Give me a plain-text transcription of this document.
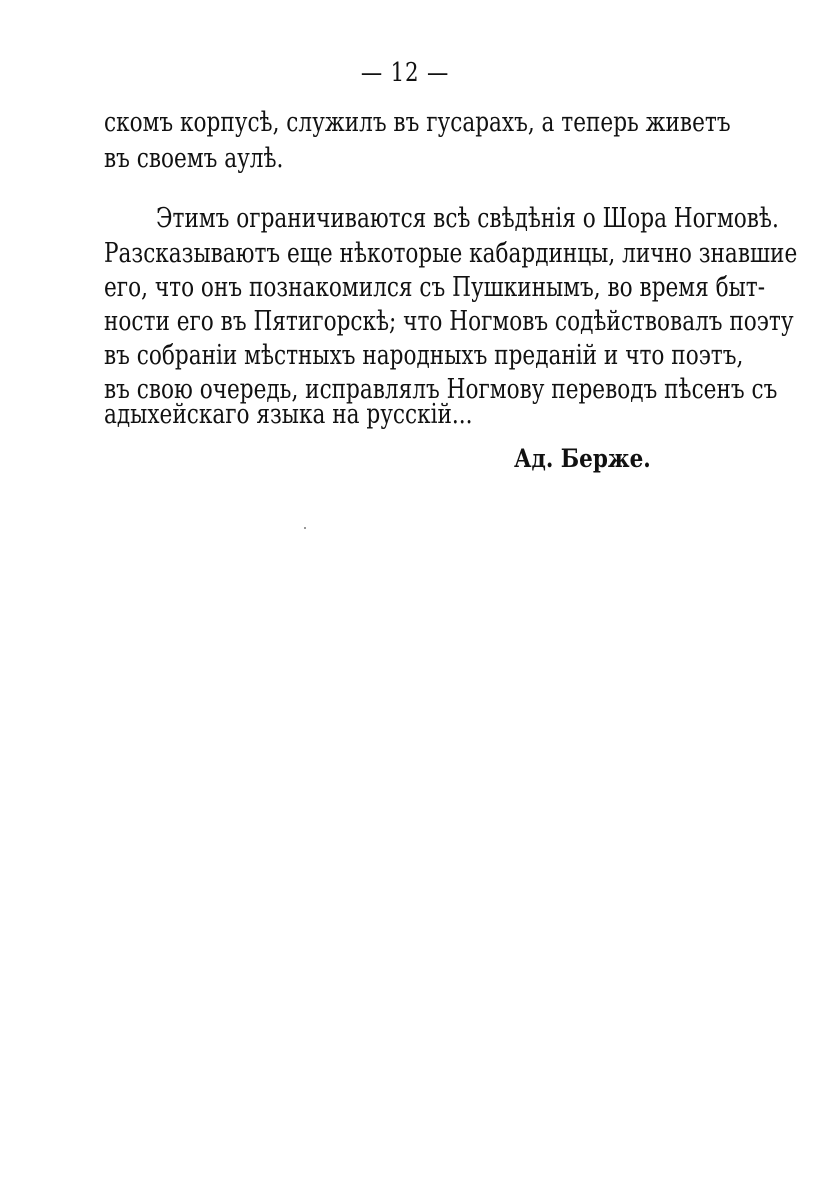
— 12 —
скомъ корпусѣ, служилъ въ гусарахъ, а теперь живетъ
въ своемъ аулѣ.
Этимъ ограничиваются всѣ свѣдѣнія о Шора Ногмовѣ.
Разсказываютъ еще нѣкоторые кабардинцы, лично знавшие
его, что онъ познакомился съ Пушкинымъ, во время быт-
ности его въ Пятигорскѣ; что Ногмовъ содѣйствовалъ поэту
въ собраніи мѣстныхъ народныхъ преданій и что поэтъ,
въ свою очередь, исправлялъ Ногмову переводъ пѣсенъ съ
адыхейскаго языка на русскій...
Ад. Берже.
